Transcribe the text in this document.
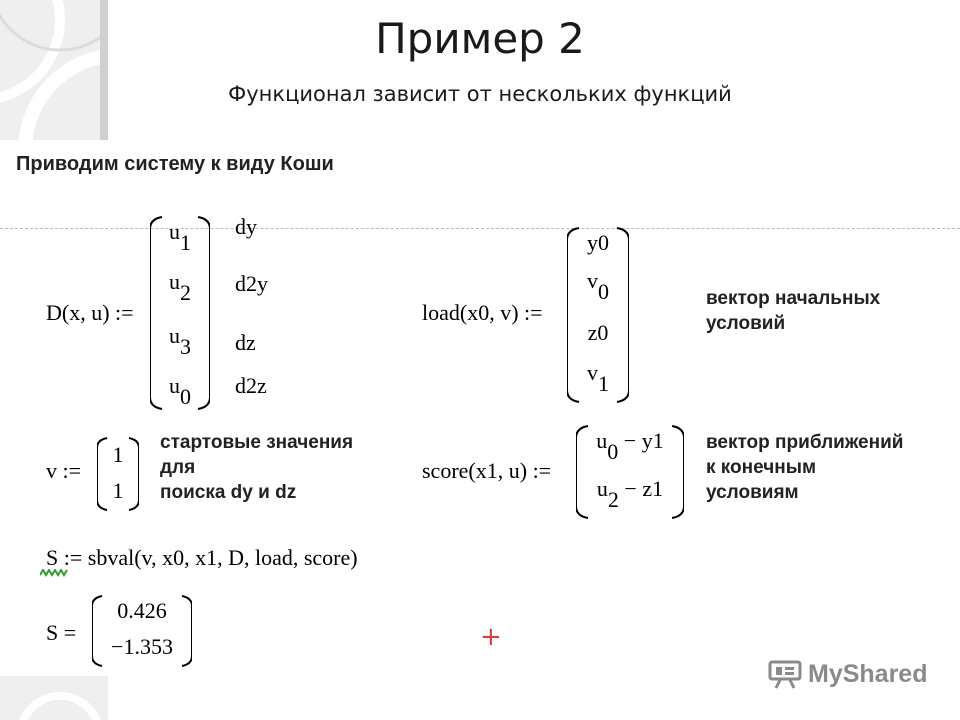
Пример 2
Функционал зависит от нескольких функций
Приводим систему к виду Коши
D(x, u) :=
$u_1$
$u_2$
$u_3$
$u_0$
dy
d2y
dz
d2z
load(x0, v) :=
y0
$v_0$
z0
$v_1$
вектор начальных
условий
v :=
1
1
стартовые значения
для
поиска dy и dz
score(x1, u) :=
$u_0 - y1$
$u_2 - z1$
вектор приближений
к конечным
условиям
S := sbval(v, x0, x1, D, load, score)
S =
0.426
−1.353	+
MyShared
